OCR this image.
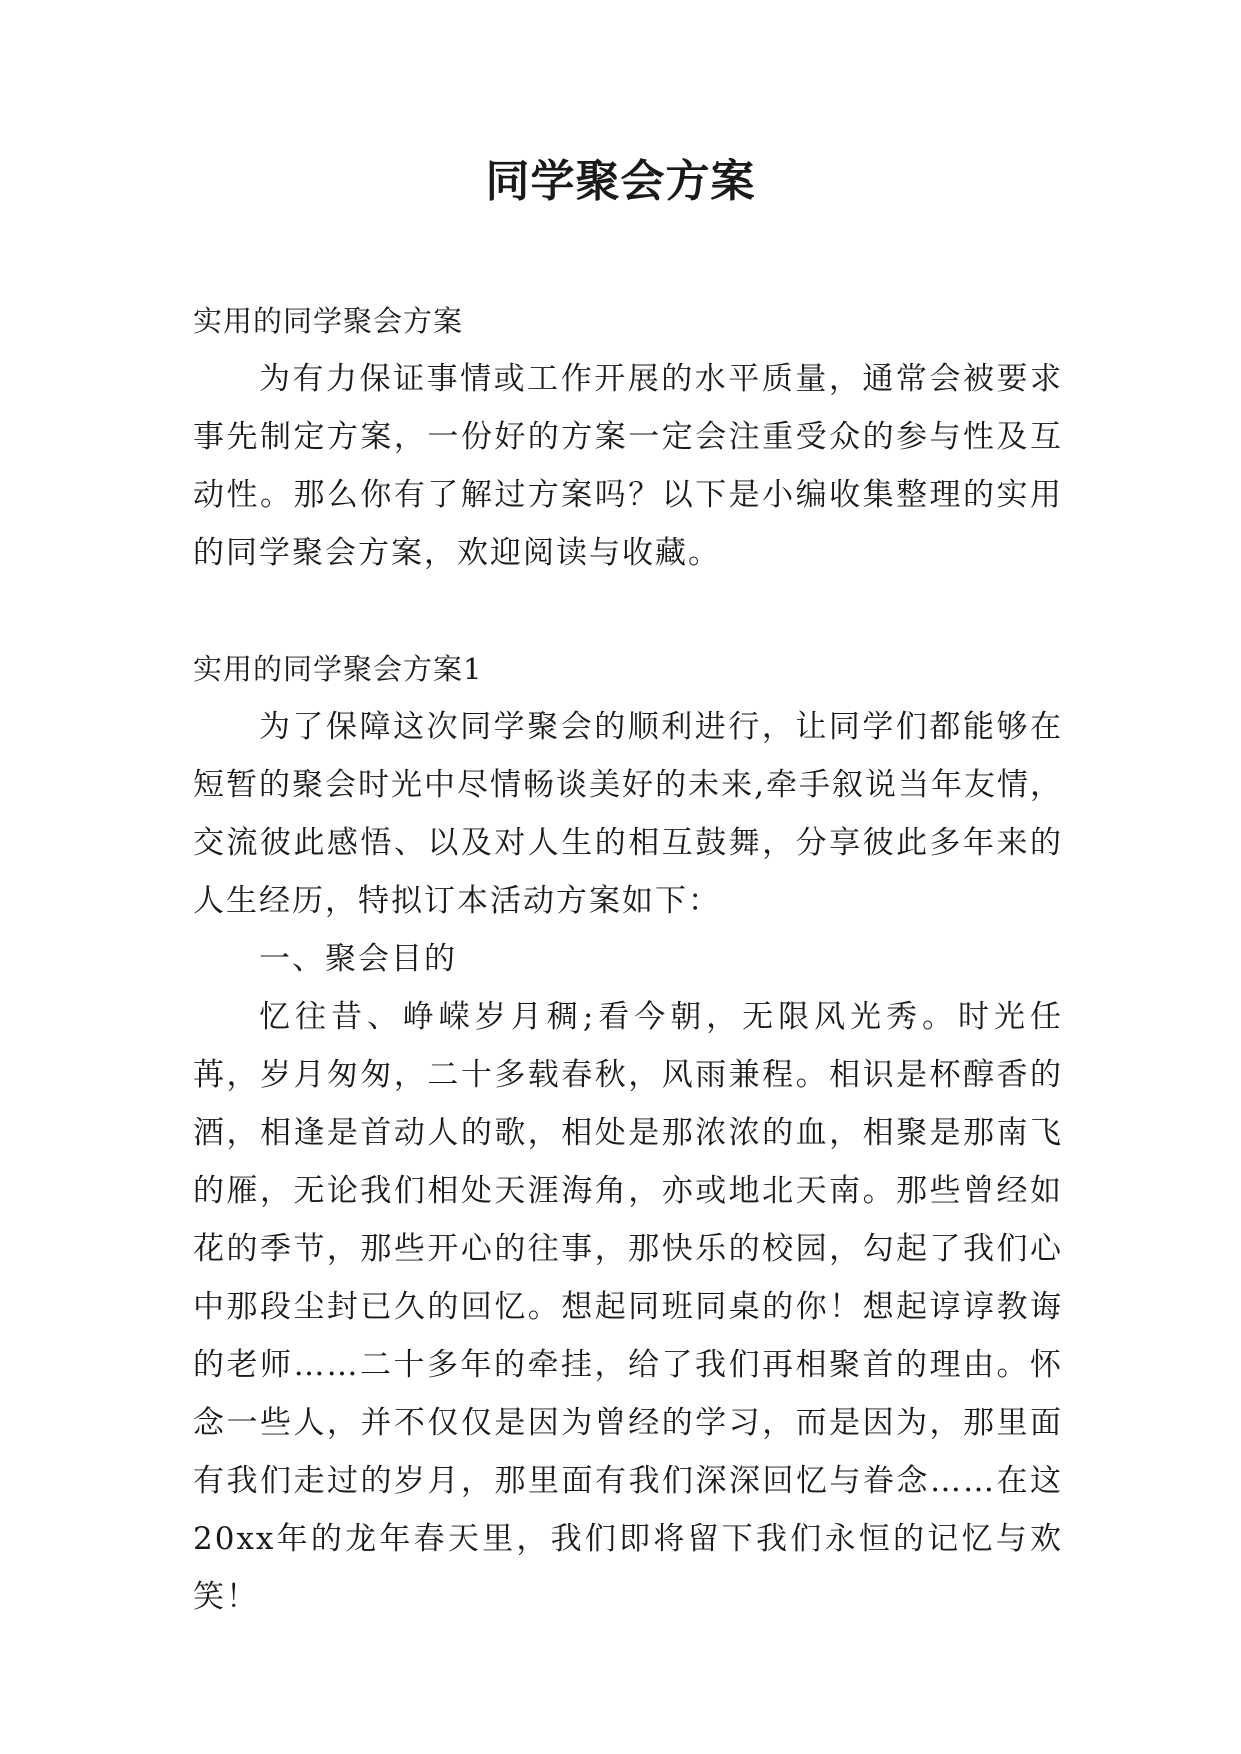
同学聚会方案

实用的同学聚会方案

为有力保证事情或工作开展的水平质量，通常会被要求事先制定方案，一份好的方案一定会注重受众的参与性及互动性。那么你有了解过方案吗？以下是小编收集整理的实用的同学聚会方案，欢迎阅读与收藏。

实用的同学聚会方案1

为了保障这次同学聚会的顺利进行，让同学们都能够在短暂的聚会时光中尽情畅谈美好的未来,牵手叙说当年友情，交流彼此感悟、以及对人生的相互鼓舞，分享彼此多年来的人生经历，特拟订本活动方案如下：

一、聚会目的

忆往昔、峥嵘岁月稠;看今朝，无限风光秀。时光任苒，岁月匆匆，二十多载春秋，风雨兼程。相识是杯醇香的酒，相逢是首动人的歌，相处是那浓浓的血，相聚是那南飞的雁，无论我们相处天涯海角，亦或地北天南。那些曾经如花的季节，那些开心的往事，那快乐的校园，勾起了我们心中那段尘封已久的回忆。想起同班同桌的你！想起谆谆教诲的老师……二十多年的牵挂，给了我们再相聚首的理由。怀念一些人，并不仅仅是因为曾经的学习，而是因为，那里面有我们走过的岁月，那里面有我们深深回忆与眷念……在这20xx年的龙年春天里，我们即将留下我们永恒的记忆与欢笑！
